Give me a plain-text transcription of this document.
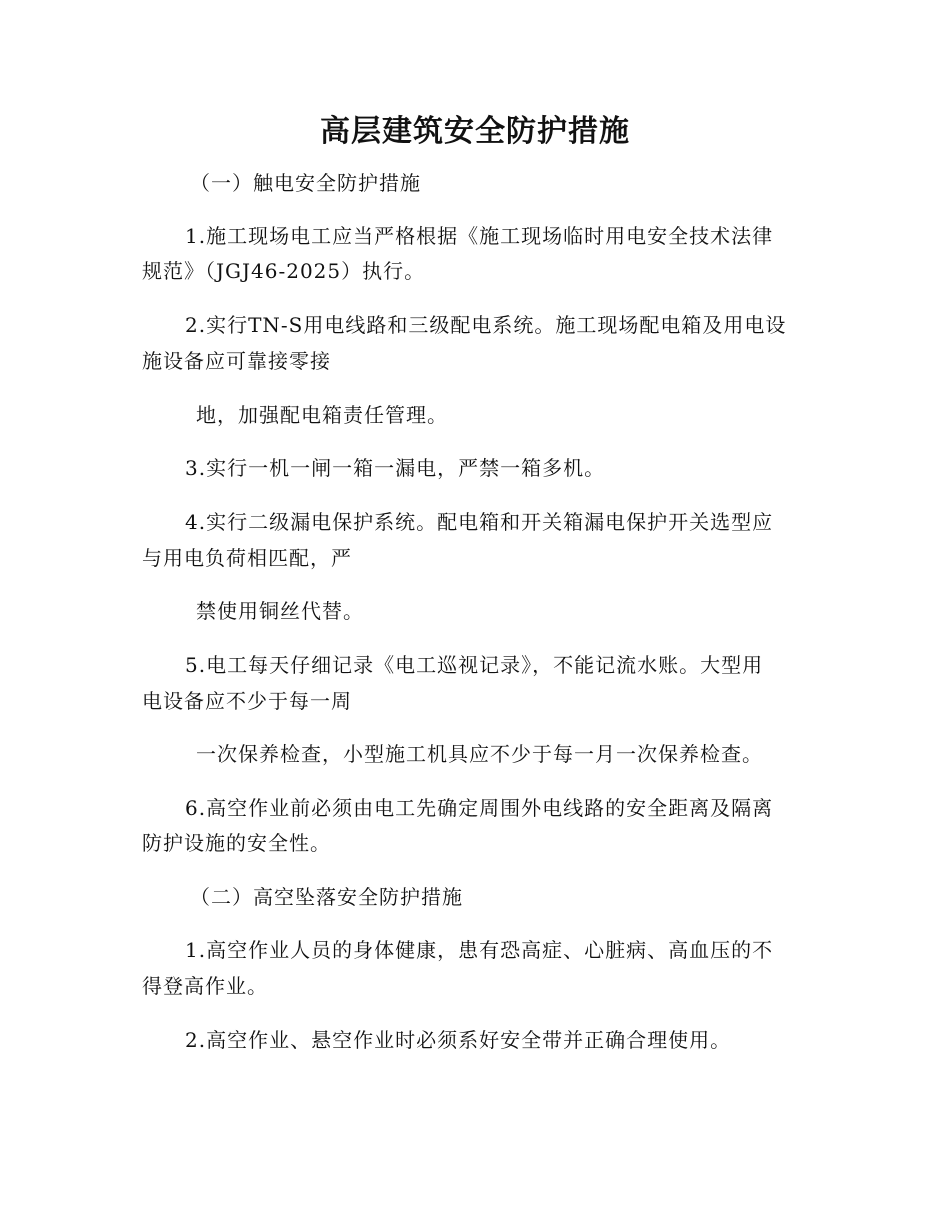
高层建筑安全防护措施
（一）触电安全防护措施
1.施工现场电工应当严格根据《施工现场临时用电安全技术法律
规范》（JGJ46-2025）执行。
2.实行TN-S用电线路和三级配电系统。施工现场配电箱及用电设
施设备应可靠接零接
地，加强配电箱责任管理。
3.实行一机一闸一箱一漏电，严禁一箱多机。
4.实行二级漏电保护系统。配电箱和开关箱漏电保护开关选型应
与用电负荷相匹配，严
禁使用铜丝代替。
5.电工每天仔细记录《电工巡视记录》，不能记流水账。大型用
电设备应不少于每一周
一次保养检查，小型施工机具应不少于每一月一次保养检查。
6.高空作业前必须由电工先确定周围外电线路的安全距离及隔离
防护设施的安全性。
（二）高空坠落安全防护措施
1.高空作业人员的身体健康，患有恐高症、心脏病、高血压的不
得登高作业。
2.高空作业、悬空作业时必须系好安全带并正确合理使用。
